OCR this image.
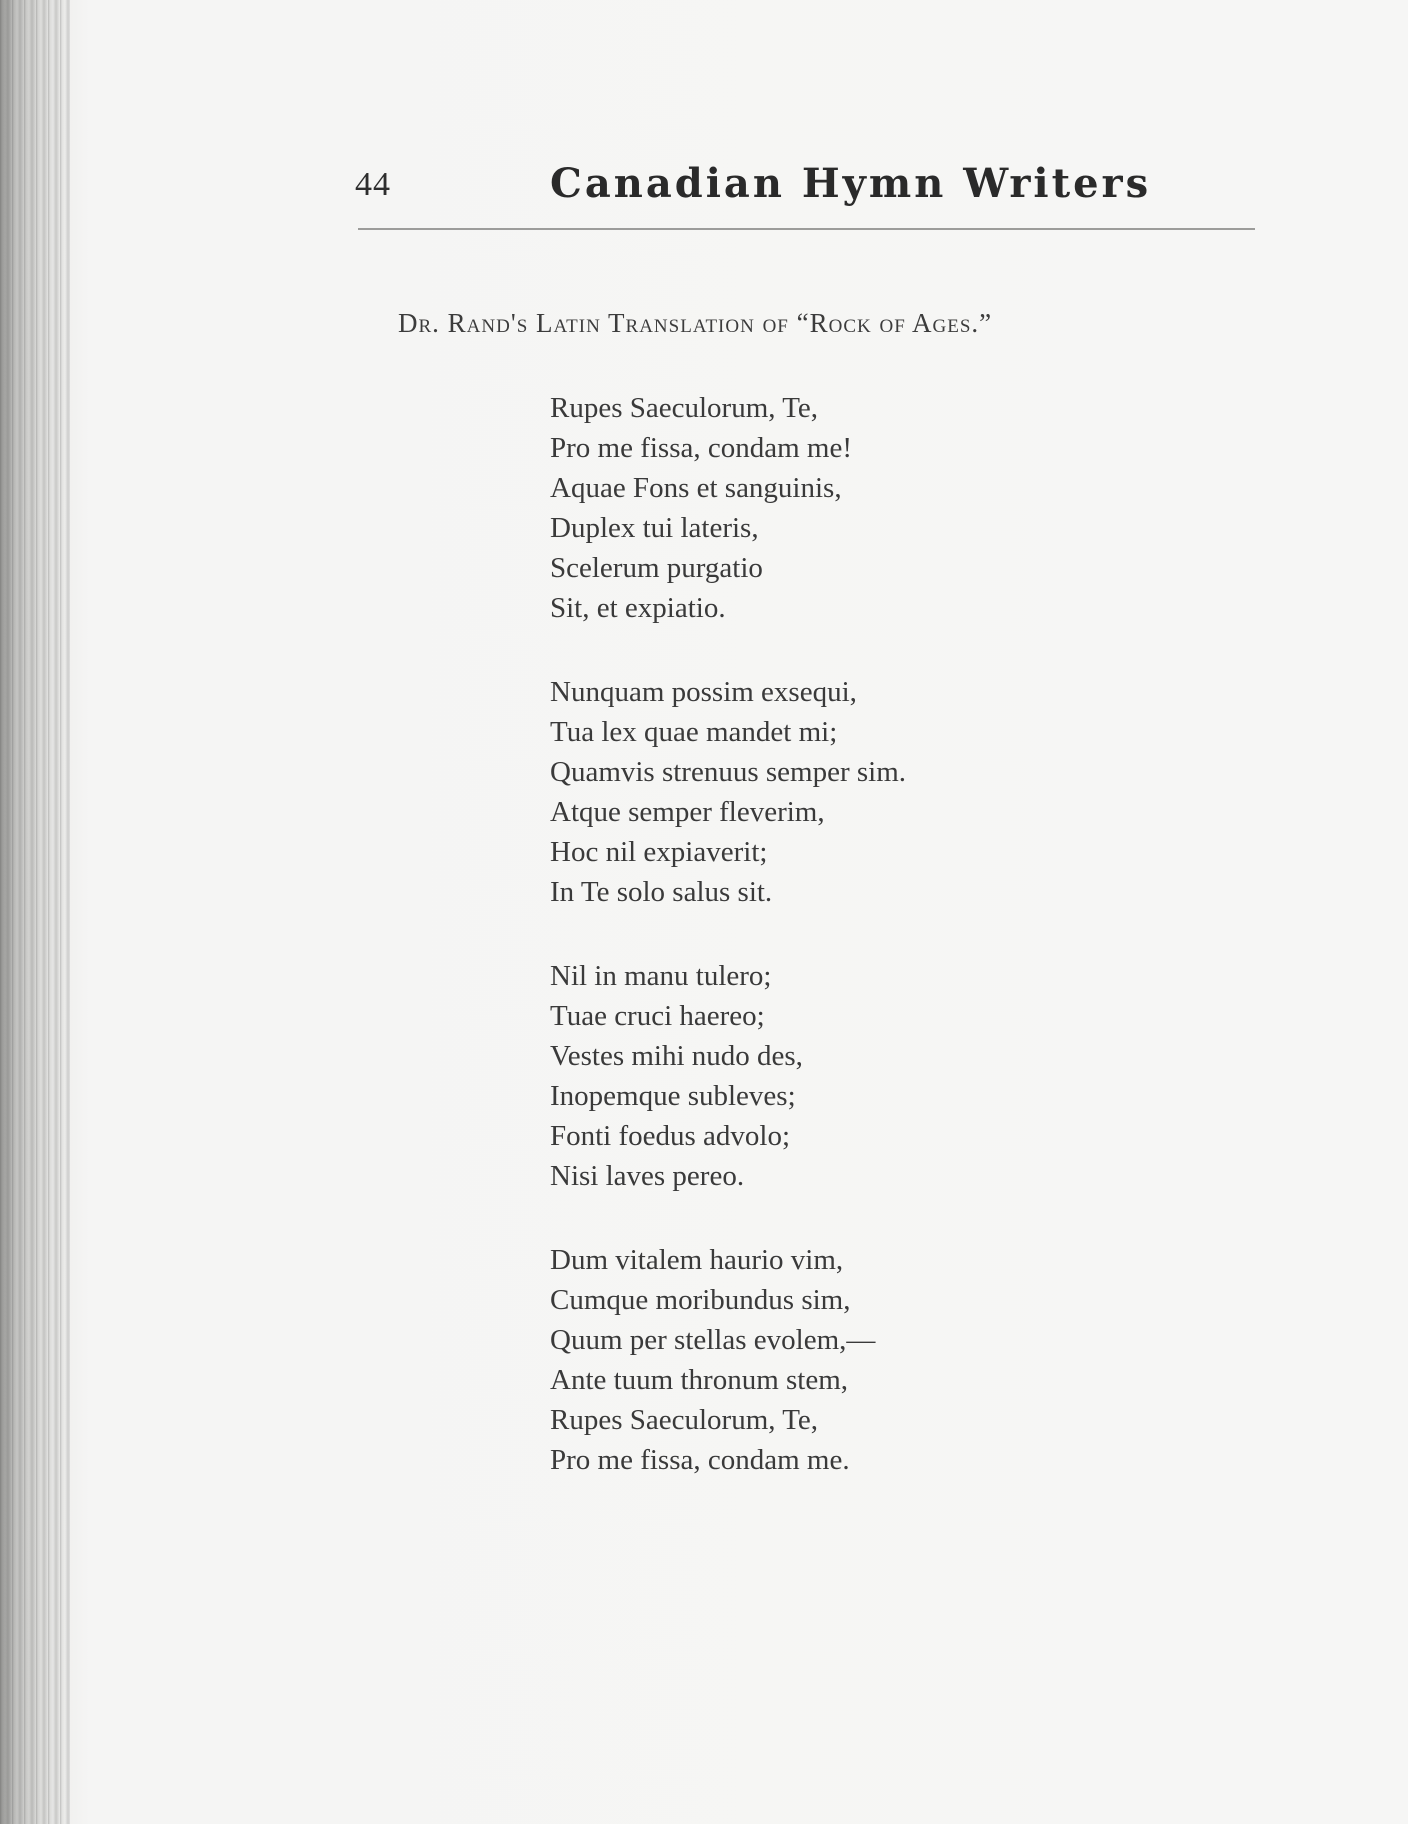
44	Canadian Hymn Writers
Dr. Rand's Latin Translation of “Rock of Ages.”
Rupes Saeculorum, Te,
Pro me fissa, condam me!
Aquae Fons et sanguinis,
Duplex tui lateris,
Scelerum purgatio
Sit, et expiatio.
Nunquam possim exsequi,
Tua lex quae mandet mi;
Quamvis strenuus semper sim.
Atque semper fleverim,
Hoc nil expiaverit;
In Te solo salus sit.
Nil in manu tulero;
Tuae cruci haereo;
Vestes mihi nudo des,
Inopemque subleves;
Fonti foedus advolo;
Nisi laves pereo.
Dum vitalem haurio vim,
Cumque moribundus sim,
Quum per stellas evolem,—
Ante tuum thronum stem,
Rupes Saeculorum, Te,
Pro me fissa, condam me.
